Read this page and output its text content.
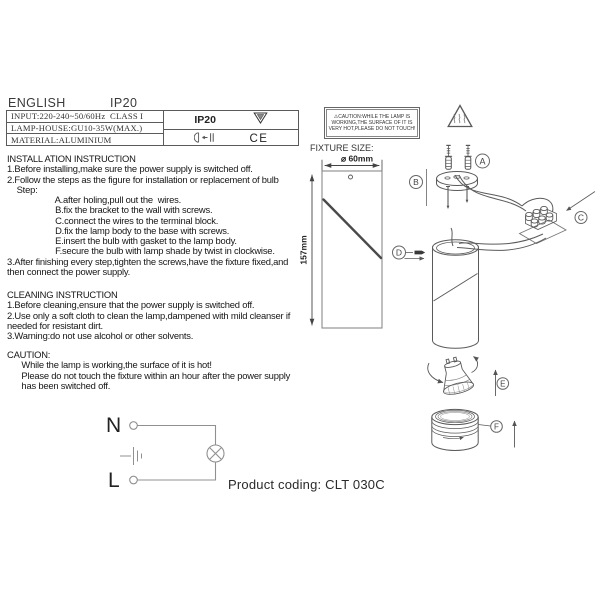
ENGLISH	IP20
INPUT:220-240~50/60Hz  CLASS I
LAMP-HOUSE:GU10-35W(MAX.)
MATERIAL:ALUMINIUM
IP20
CE
⚠CAUTION:WHILE THE LAMP IS
WORKING,THE SURFACE OF IT IS
VERY HOT,PLEASE DO NOT TOUCH!
INSTALL ATION INSTRUCTION
1.Before installing,make sure the power supply is switched off.
2.Follow the steps as the figure for installation or replacement of bulb
Step:
A.after holing,pull out the  wires.
B.fix the bracket to the wall with screws.
C.connect the wires to the terminal block.
D.fix the lamp body to the base with screws.
E.insert the bulb with gasket to the lamp body.
F.secure the bulb with lamp shade by twist in clockwise.
3.After finishing every step,tighten the screws,have the fixture fixed,and
then connect the power supply.
CLEANING INSTRUCTION
1.Before cleaning,ensure that the power supply is switched off.
2.Use only a soft cloth to clean the lamp,dampened with mild cleanser if
needed for resistant dirt.
3.Warning:do not use alcohol or other solvents.
CAUTION:
While the lamp is working,the surface of it is hot!
Please do not touch the fixture within an hour after the power supply
has been switched off.
Product coding: CLT 030C
FIXTURE SIZE:
⌀ 60mm
157mm
N
L
A
B
C
D
E
F
